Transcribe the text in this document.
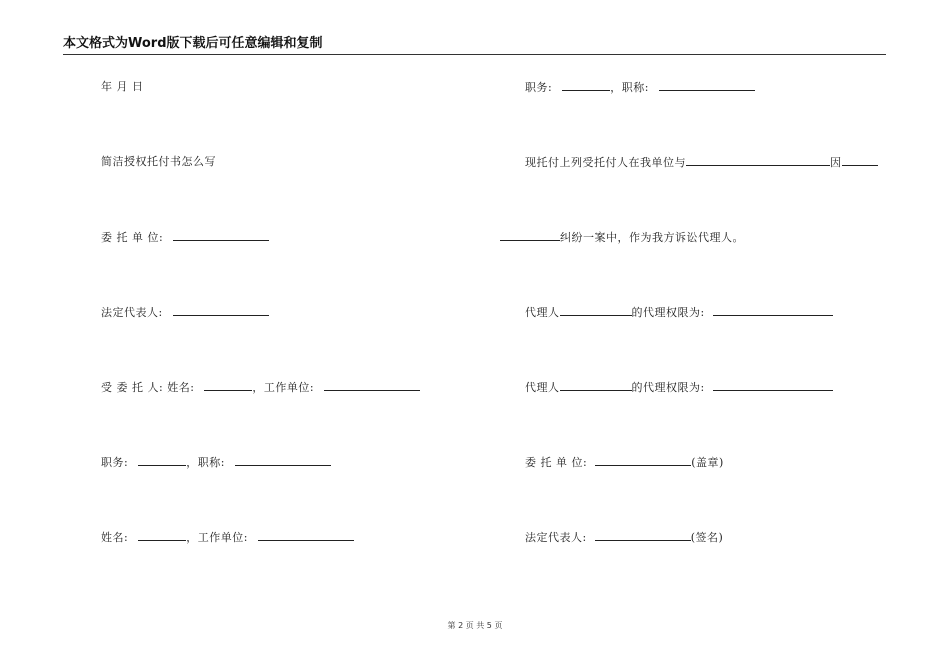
本文格式为Word版下载后可任意编辑和复制
年 月 日
简洁授权托付书怎么写
委 托 单 位:
法定代表人:
受 委 托 人: 姓名:	，工作单位:
职务:	，职称:
姓名:	，工作单位:
职务:	，职称:
现托付上列受托付人在我单位与	因
纠纷一案中，作为我方诉讼代理人。
代理人	的代理权限为:
代理人	的代理权限为:
委 托 单 位:	(盖章)
法定代表人:	(签名)
第 2 页 共 5 页
